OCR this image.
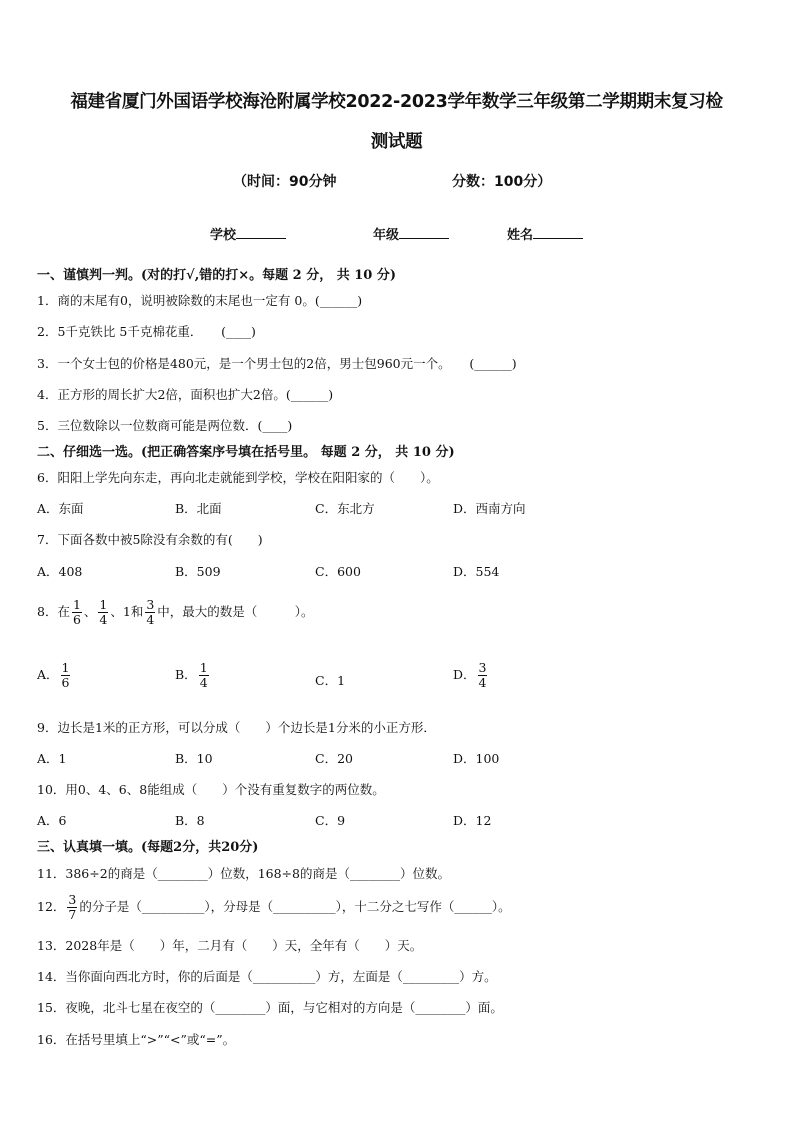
福建省厦门外国语学校海沧附属学校2022-2023学年数学三年级第二学期期末复习检
测试题
（时间：90分钟	分数：100分）
学校	年级	姓名
一、谨慎判一判。(对的打√,错的打×。每题 2 分， 共 10 分)
1．商的末尾有0，说明被除数的末尾也一定有 0。(______)
2．5千克铁比 5千克棉花重．　　(____)
3．一个女士包的价格是480元，是一个男士包的2倍，男士包960元一个。　　(______)
4．正方形的周长扩大2倍，面积也扩大2倍。(______)
5．三位数除以一位数商可能是两位数．(____)
二、仔细选一选。(把正确答案序号填在括号里。 每题 2 分， 共 10 分)
6．阳阳上学先向东走，再向北走就能到学校，学校在阳阳家的（　　）。
A．东面	B．北面	C．东北方	D．西南方向
7．下面各数中被5除没有余数的有(　　)
A．408	B．509	C．600	D．554
8．在 $\frac{1}{6}$ 、 $\frac{1}{4}$ 、1和 $\frac{3}{4}$ 中，最大的数是（　　　）。
A． $\frac{1}{6}$	B． $\frac{1}{4}$	C．1	D． $\frac{3}{4}$
9．边长是1米的正方形，可以分成（　　）个边长是1分米的小正方形．
A．1	B．10	C．20	D．100
10．用0、4、6、8能组成（　　）个没有重复数字的两位数。
A．6	B．8	C．9	D．12
三、认真填一填。(每题2分，共20分)
11．386÷2的商是（________）位数，168÷8的商是（________）位数。
12． $\frac{3}{7}$ 的分子是（__________），分母是（__________），十二分之七写作（______）。
13．2028年是（　　）年，二月有（　　）天，全年有（　　）天。
14．当你面向西北方时，你的后面是（__________）方，左面是（_________）方。
15．夜晚，北斗七星在夜空的（________）面，与它相对的方向是（________）面。
16．在括号里填上“>”“<”或“=”。
